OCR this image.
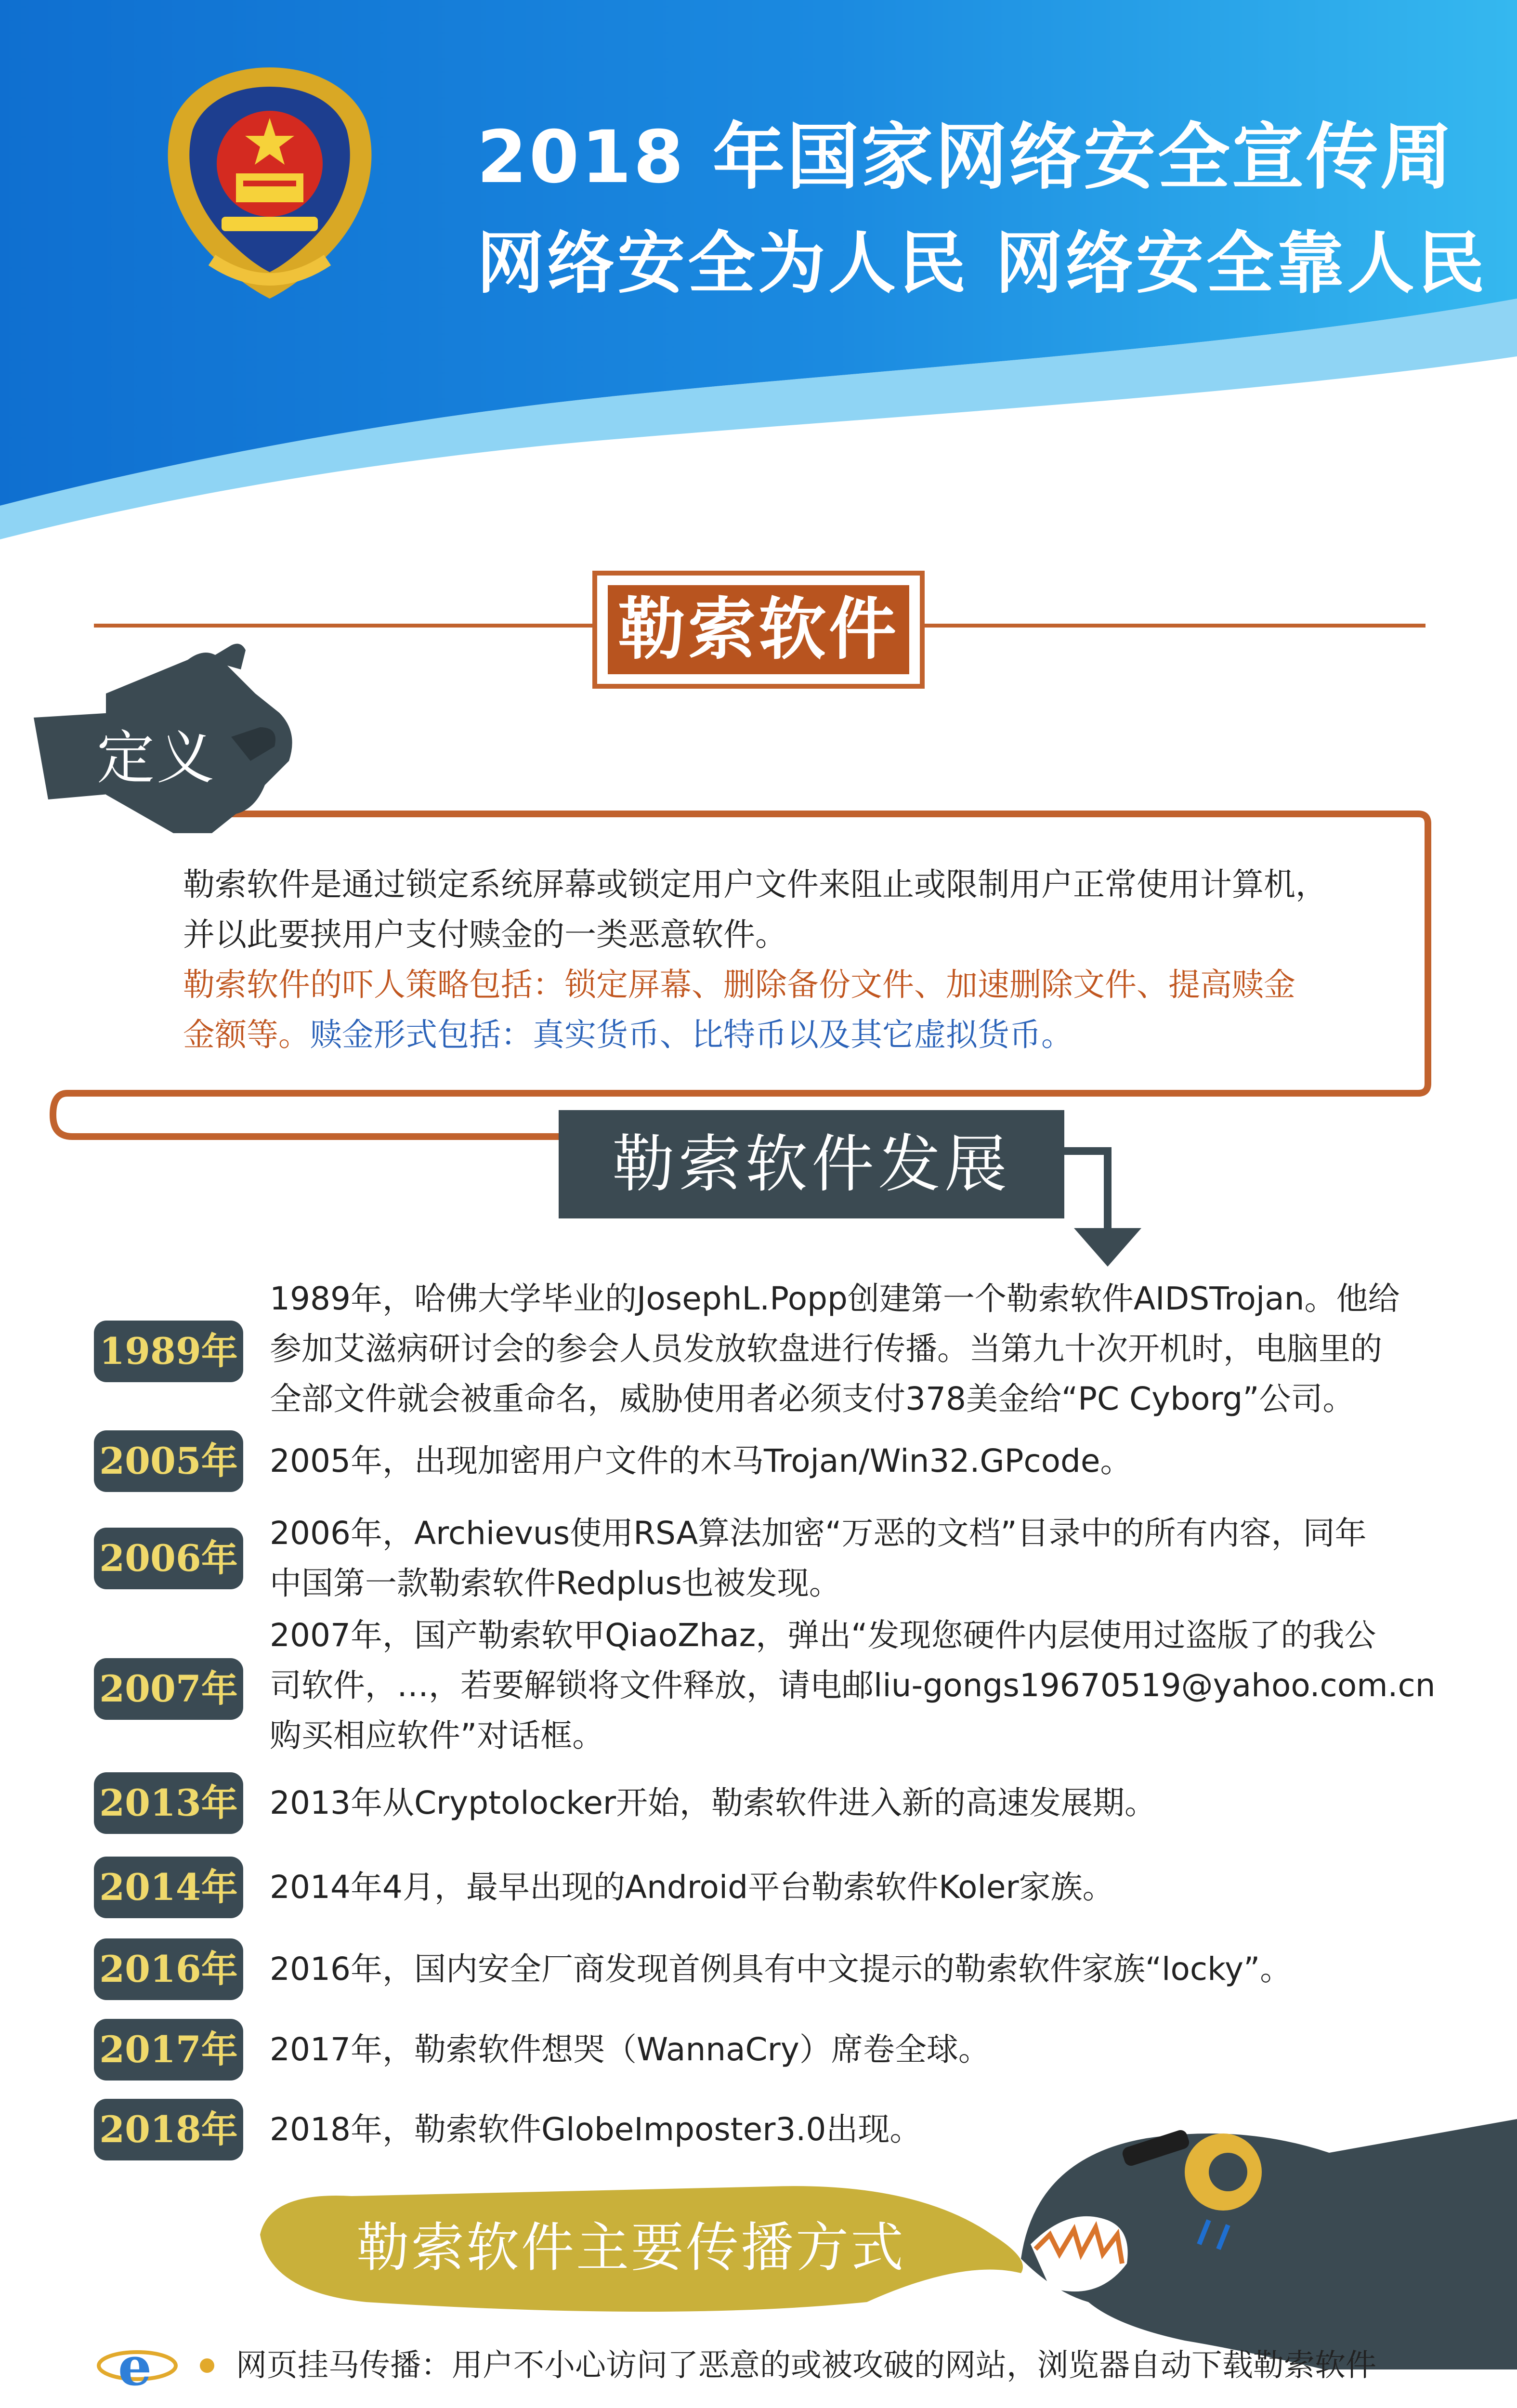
2018 年国家网络安全宣传周
网络安全为人民 网络安全靠人民
勒索软件
定义
勒索软件是通过锁定系统屏幕或锁定用户文件来阻止或限制用户正常使用计算机，
并以此要挟用户支付赎金的一类恶意软件。
勒索软件的吓人策略包括：锁定屏幕、删除备份文件、加速删除文件、提高赎金
金额等。赎金形式包括：真实货币、比特币以及其它虚拟货币。
勒索软件发展
1989年
1989年，哈佛大学毕业的JosephL.Popp创建第一个勒索软件AIDSTrojan。他给
参加艾滋病研讨会的参会人员发放软盘进行传播。当第九十次开机时，电脑里的
全部文件就会被重命名，威胁使用者必须支付378美金给“PC Cyborg”公司。
2005年 2005年，出现加密用户文件的木马Trojan/Win32.GPcode。
2006年
2006年，Archievus使用RSA算法加密“万恶的文档”目录中的所有内容，同年
中国第一款勒索软件Redplus也被发现。
2007年
2007年，国产勒索软甲QiaoZhaz，弹出“发现您硬件内层使用过盗版了的我公
司软件，…，若要解锁将文件释放，请电邮liu-gongs19670519@yahoo.com.cn
购买相应软件”对话框。
2013年 2013年从Cryptolocker开始，勒索软件进入新的高速发展期。
2014年 2014年4月，最早出现的Android平台勒索软件Koler家族。
2016年 2016年，国内安全厂商发现首例具有中文提示的勒索软件家族“locky”。
2017年 2017年，勒索软件想哭（WannaCry）席卷全球。
2018年 2018年，勒索软件GlobeImposter3.0出现。
勒索软件主要传播方式
e	网页挂马传播：用户不小心访问了恶意的或被攻破的网站，浏览器自动下载勒索软件
